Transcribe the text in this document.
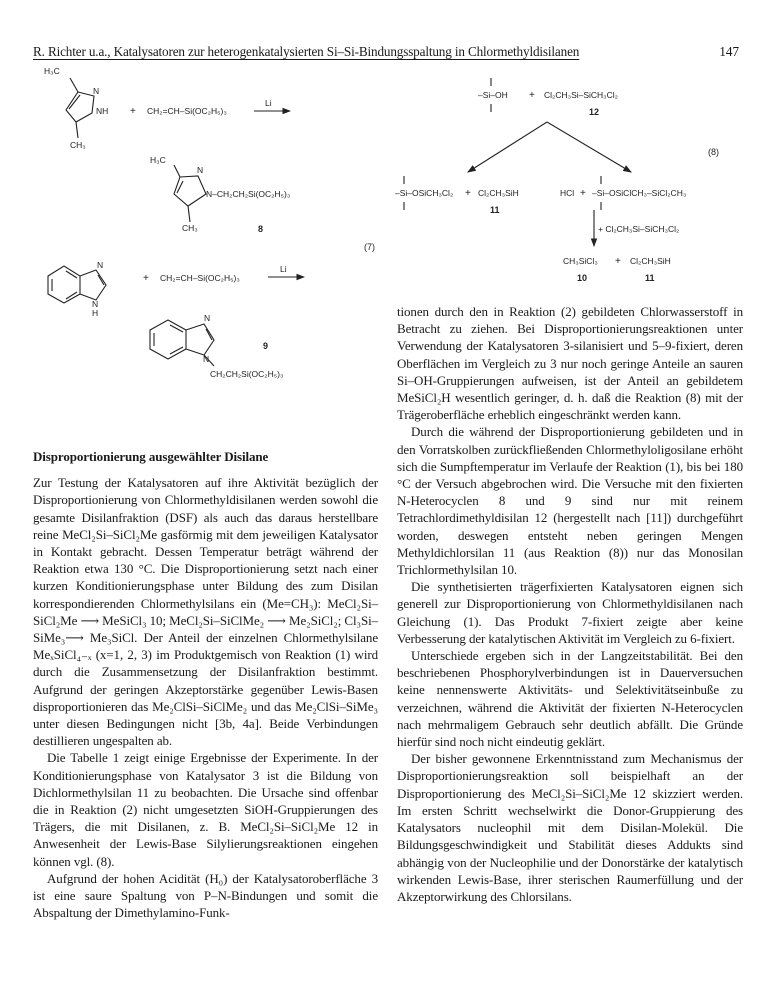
R. Richter u.a., Katalysatoren zur heterogenkatalysierten Si–Si-Bindungsspaltung in Chlormethyldisilanen	147
H₃C
N
NH + CH₂=CH–Si(OC₂H₅)₃
Li
CH₃
H₃C
N
N–CH₂CH₂Si(OC₂H₅)₃
CH₃	8
(7)
N
N
H
+ CH₂=CH–Si(OC₂H₅)₃
Li
N
N
CH₂CH₂Si(OC₂H₅)₃
9
–Si–OH + Cl₂CH₃Si–SiCH₃Cl₂
12
(8)
–Si–OSiCH₃Cl₂ + Cl₂CH₃SiH
11
HCl + –Si–OSiClCH₃–SiCl₂CH₃
+ Cl₂CH₃Si–SiCH₃Cl₂
CH₃SiCl₃ + Cl₂CH₃SiH
10	11

Disproportionierung ausgewählter Disilane

Zur Testung der Katalysatoren auf ihre Aktivität bezüglich der Disproportionierung von Chlormethyldisilanen werden sowohl die gesamte Disilanfraktion (DSF) als auch das daraus herstellbare reine MeCl₂Si–SiCl₂Me gasförmig mit dem jeweiligen Katalysator in Kontakt gebracht. Dessen Temperatur beträgt während der Reaktion etwa 130 °C. Die Disproportionierung setzt nach einer kurzen Konditionierungsphase unter Bildung des zum Disilan korrespondierenden Chlormethylsilans ein (Me=CH₃): MeCl₂Si–SiCl₂Me ⟶ MeSiCl₃ 10; MeCl₂Si–SiClMe₂ ⟶ Me₂SiCl₂; Cl₃Si–SiMe₃⟶ Me₃SiCl. Der Anteil der einzelnen Chlormethylsilane MeₓSiCl₄₋ₓ (x=1, 2, 3) im Produktgemisch von Reaktion (1) wird durch die Zusammensetzung der Disilanfraktion bestimmt. Aufgrund der geringen Akzeptorstärke gegenüber Lewis-Basen disproportionieren das Me₂ClSi–SiClMe₂ und das Me₂ClSi–SiMe₃ unter diesen Bedingungen nicht [3b, 4a]. Beide Verbindungen destillieren ungespalten ab.

Die Tabelle 1 zeigt einige Ergebnisse der Experimente. In der Konditionierungsphase von Katalysator 3 ist die Bildung von Dichlormethylsilan 11 zu beobachten. Die Ursache sind offenbar die in Reaktion (2) nicht umgesetzten SiOH-Gruppierungen des Trägers, die mit Disilanen, z. B. MeCl₂Si–SiCl₂Me 12 in Anwesenheit der Lewis-Base Silylierungsreaktionen eingehen können vgl. (8).

Aufgrund der hohen Acidität (H₀) der Katalysatoroberfläche 3 ist eine saure Spaltung von P–N-Bindungen und somit die Abspaltung der Dimethylamino-Funk-

tionen durch den in Reaktion (2) gebildeten Chlorwasserstoff in Betracht zu ziehen. Bei Disproportionierungsreaktionen unter Verwendung der Katalysatoren 3-silanisiert und 5–9-fixiert, deren Oberflächen im Vergleich zu 3 nur noch geringe Anteile an sauren Si–OH-Gruppierungen aufweisen, ist der Anteil an gebildetem MeSiCl₂H wesentlich geringer, d. h. daß die Reaktion (8) mit der Trägeroberfläche erheblich eingeschränkt werden kann.

Durch die während der Disproportionierung gebildeten und in den Vorratskolben zurückfließenden Chlormethyloligosilane erhöht sich die Sumpftemperatur im Verlaufe der Reaktion (1), bis bei 180 °C der Versuch abgebrochen wird. Die Versuche mit den fixierten N-Heterocyclen 8 und 9 sind nur mit reinem Tetrachlordimethyldisilan 12 (hergestellt nach [11]) durchgeführt worden, deswegen entsteht neben geringen Mengen Methyldichlorsilan 11 (aus Reaktion (8)) nur das Monosilan Trichlormethylsilan 10.

Die synthetisierten trägerfixierten Katalysatoren eignen sich generell zur Disproportionierung von Chlormethyldisilanen nach Gleichung (1). Das Produkt 7-fixiert zeigte aber keine Verbesserung der katalytischen Aktivität im Vergleich zu 6-fixiert.

Unterschiede ergeben sich in der Langzeitstabilität. Bei den beschriebenen Phosphorylverbindungen ist in Dauerversuchen keine nennenswerte Aktivitäts- und Selektivitätseinbuße zu verzeichnen, während die Aktivität der fixierten N-Heterocyclen nach mehrmaligem Gebrauch sehr deutlich abfällt. Die Gründe hierfür sind noch nicht eindeutig geklärt.

Der bisher gewonnene Erkenntnisstand zum Mechanismus der Disproportionierungsreaktion soll beispielhaft an der Disproportionierung des MeCl₂Si–SiCl₂Me 12 skizziert werden. Im ersten Schritt wechselwirkt die Donor-Gruppierung des Katalysators nucleophil mit dem Disilan-Molekül. Die Bildungsgeschwindigkeit und Stabilität dieses Addukts sind abhängig von der Nucleophilie und der Donorstärke der katalytisch wirkenden Lewis-Base, ihrer sterischen Raumerfüllung und der Akzeptorwirkung des Chlorsilans.
